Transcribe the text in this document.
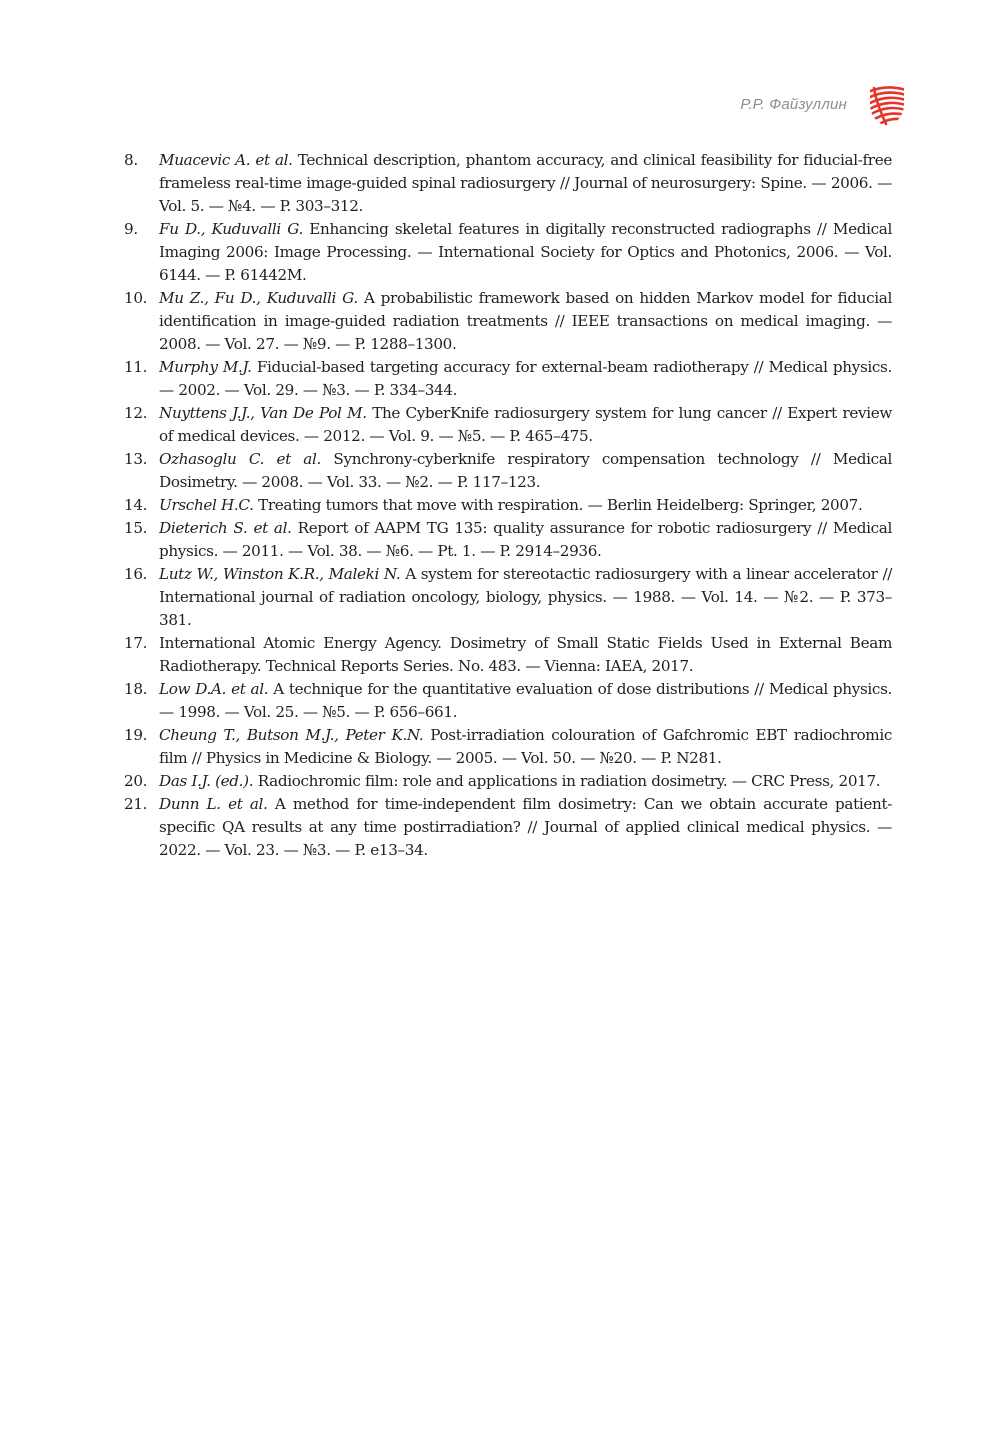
Р.Р. Файзуллин
8.	Muacevic A. et al. Technical description, phantom accuracy, and clinical feasibility for fiducial-free frameless real-time image-guided spinal radiosurgery // Journal of neurosurgery: Spine. — 2006. — Vol. 5. — №4. — P. 303–312.
9.	Fu D., Kuduvalli G. Enhancing skeletal features in digitally reconstructed radiographs // Medical Imaging 2006: Image Processing. — International Society for Optics and Photonics, 2006. — Vol. 6144. — P. 61442M.
10. Mu Z., Fu D., Kuduvalli G. A probabilistic framework based on hidden Markov model for fiducial identification in image-guided radiation treatments // IEEE transactions on medical imaging. — 2008. — Vol. 27. — №9. — P. 1288–1300.
11. Murphy M.J. Fiducial-based targeting accuracy for external-beam radiotherapy // Medical physics. — 2002. — Vol. 29. — №3. — P. 334–344.
12. Nuyttens J.J., Van De Pol M. The CyberKnife radiosurgery system for lung cancer // Expert review of medical devices. — 2012. — Vol. 9. — №5. — P. 465–475.
13. Ozhasoglu C. et al. Synchrony-cyberknife respiratory compensation technology // Medical Dosimetry. — 2008. — Vol. 33. — №2. — P. 117–123.
14. Urschel H.C. Treating tumors that move with respiration. — Berlin Heidelberg: Springer, 2007.
15. Dieterich S. et al. Report of AAPM TG 135: quality assurance for robotic radiosurgery // Medical physics. — 2011. — Vol. 38. — №6. — Pt. 1. — P. 2914–2936.
16. Lutz W., Winston K.R., Maleki N. A system for stereotactic radiosurgery with a linear accelerator // International journal of radiation oncology, biology, physics. — 1988. — Vol. 14. — №2. — P. 373–381.
17. International Atomic Energy Agency. Dosimetry of Small Static Fields Used in External Beam Radiotherapy. Technical Reports Series. No. 483. — Vienna: IAEA, 2017.
18. Low D.A. et al. A technique for the quantitative evaluation of dose distributions // Medical physics. — 1998. — Vol. 25. — №5. — P. 656–661.
19. Cheung T., Butson M.J., Peter K.N. Post-irradiation colouration of Gafchromic EBT radiochromic film // Physics in Medicine & Biology. — 2005. — Vol. 50. — №20. — P. N281.
20. Das I.J. (ed.). Radiochromic film: role and applications in radiation dosimetry. — CRC Press, 2017.
21. Dunn L. et al. A method for time-independent film dosimetry: Can we obtain accurate patient-specific QA results at any time postirradiation? // Journal of applied clinical medical physics. — 2022. — Vol. 23. — №3. — P. e13–34.
